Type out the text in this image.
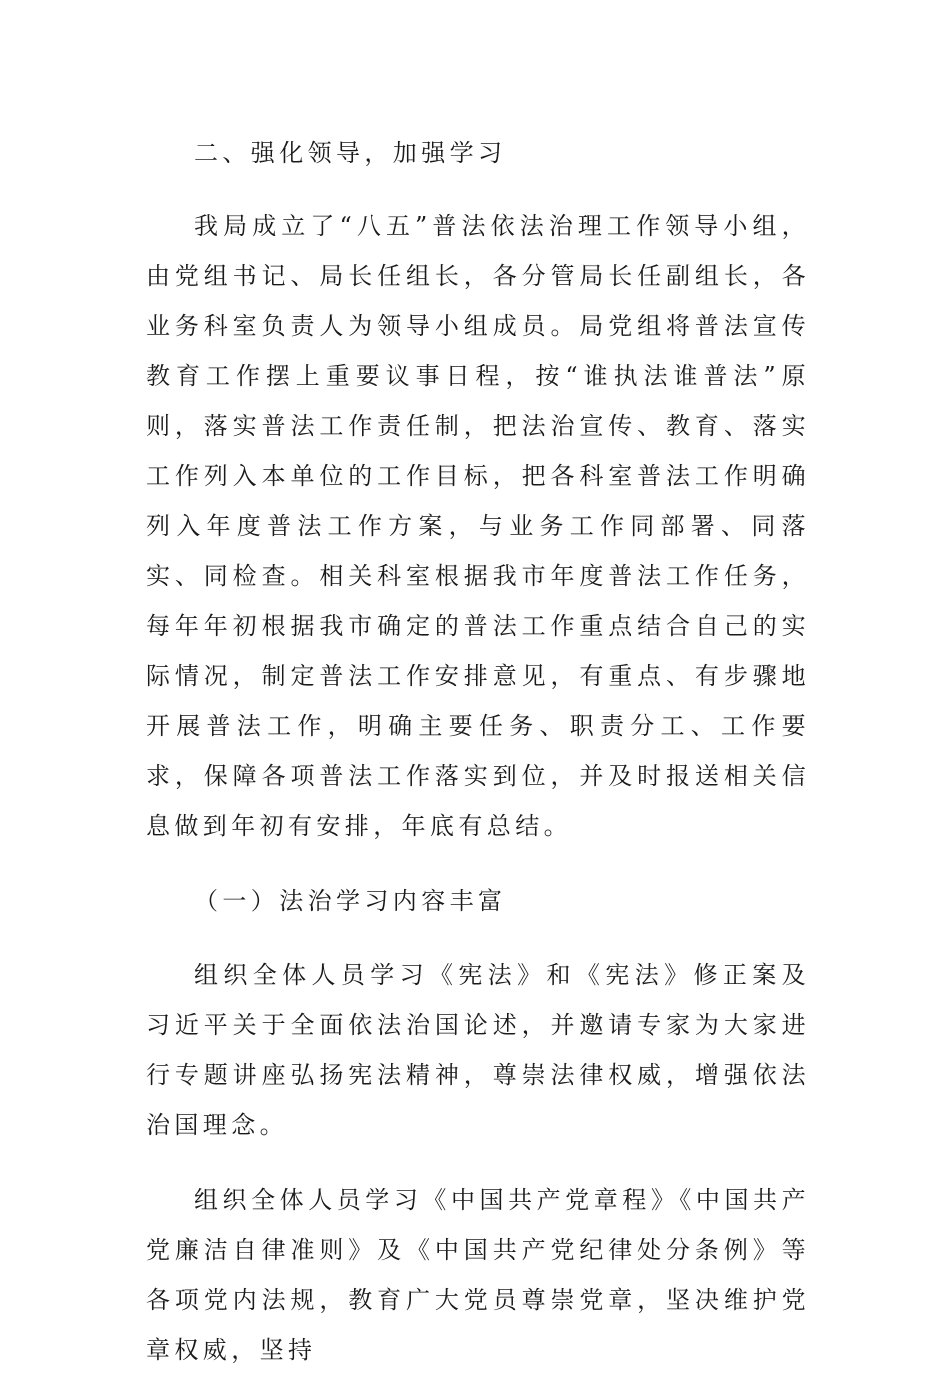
二、强化领导，加强学习

我局成立了“八五”普法依法治理工作领导小组，由党组书记、局长任组长，各分管局长任副组长，各业务科室负责人为领导小组成员。局党组将普法宣传教育工作摆上重要议事日程，按“谁执法谁普法”原则，落实普法工作责任制，把法治宣传、教育、落实工作列入本单位的工作目标，把各科室普法工作明确列入年度普法工作方案，与业务工作同部署、同落实、同检查。相关科室根据我市年度普法工作任务，每年年初根据我市确定的普法工作重点结合自己的实际情况，制定普法工作安排意见，有重点、有步骤地开展普法工作，明确主要任务、职责分工、工作要求，保障各项普法工作落实到位，并及时报送相关信息做到年初有安排，年底有总结。

（一）法治学习内容丰富

组织全体人员学习《宪法》和《宪法》修正案及习近平关于全面依法治国论述，并邀请专家为大家进行专题讲座弘扬宪法精神，尊崇法律权威，增强依法治国理念。

组织全体人员学习《中国共产党章程》《中国共产党廉洁自律准则》及《中国共产党纪律处分条例》等各项党内法规，教育广大党员尊崇党章，坚决维护党章权威，坚持
